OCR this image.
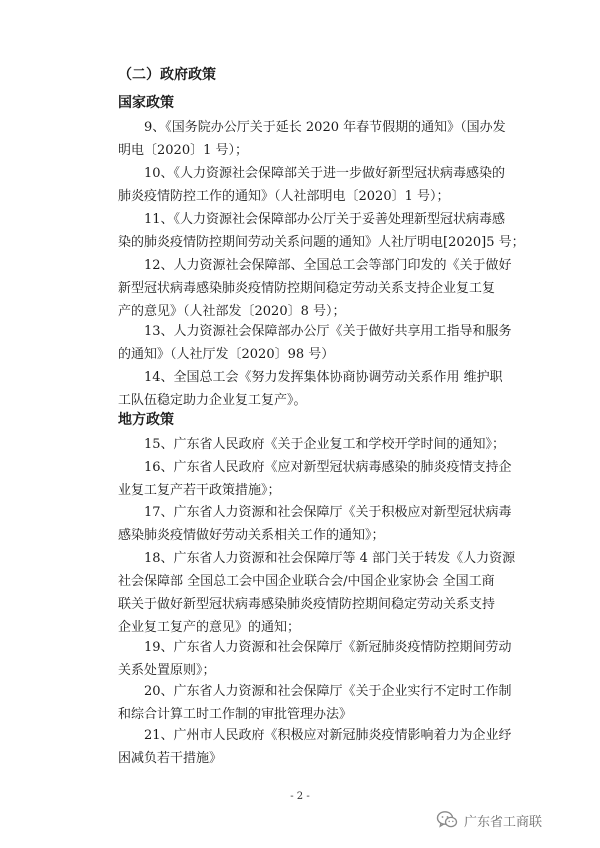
（二）政府政策
国家政策
9、《国务院办公厅关于延长 2020 年春节假期的通知》（国办发
明电〔2020〕1 号）；
10、《人力资源社会保障部关于进一步做好新型冠状病毒感染的
肺炎疫情防控工作的通知》（人社部明电〔2020〕1 号）；
11、《人力资源社会保障部办公厅关于妥善处理新型冠状病毒感
染的肺炎疫情防控期间劳动关系问题的通知》人社厅明电[2020]5 号；
12、人力资源社会保障部、全国总工会等部门印发的《关于做好
新型冠状病毒感染肺炎疫情防控期间稳定劳动关系支持企业复工复
产的意见》（人社部发〔2020〕8 号）；
13、人力资源社会保障部办公厅《关于做好共享用工指导和服务
的通知》（人社厅发〔2020〕98 号）
14、全国总工会《努力发挥集体协商协调劳动关系作用 维护职
工队伍稳定助力企业复工复产》。
地方政策
15、广东省人民政府《关于企业复工和学校开学时间的通知》；
16、广东省人民政府《应对新型冠状病毒感染的肺炎疫情支持企
业复工复产若干政策措施》；
17、广东省人力资源和社会保障厅《关于积极应对新型冠状病毒
感染肺炎疫情做好劳动关系相关工作的通知》；
18、广东省人力资源和社会保障厅等 4 部门关于转发《人力资源
社会保障部 全国总工会中国企业联合会/中国企业家协会 全国工商
联关于做好新型冠状病毒感染肺炎疫情防控期间稳定劳动关系支持
企业复工复产的意见》的通知；
19、广东省人力资源和社会保障厅《新冠肺炎疫情防控期间劳动
关系处置原则》；
20、广东省人力资源和社会保障厅《关于企业实行不定时工作制
和综合计算工时工作制的审批管理办法》
21、广州市人民政府《积极应对新冠肺炎疫情影响着力为企业纾
困减负若干措施》
- 2 -
广东省工商联
